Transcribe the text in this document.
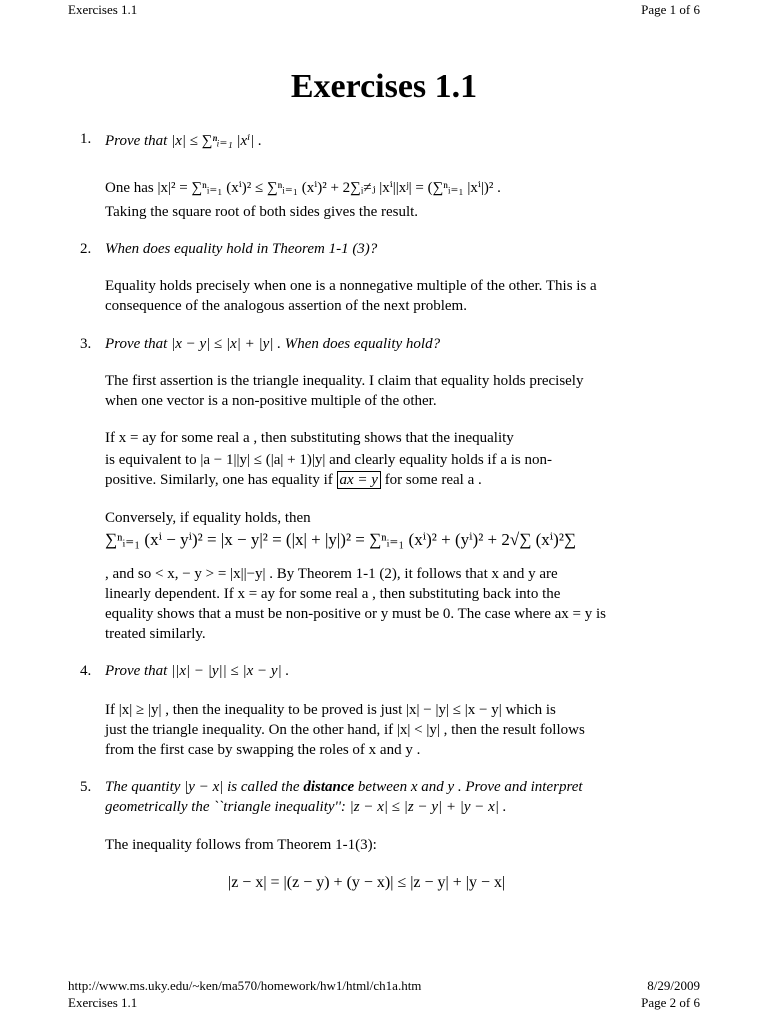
Exercises 1.1	Page 1 of 6
Exercises 1.1
1. Prove that |x| ≤ ∑ⁿᵢ₌₁ |xⁱ| .
One has |x|² = ∑ⁿᵢ₌₁ (xⁱ)² ≤ ∑ⁿᵢ₌₁ (xⁱ)² + 2∑ᵢ≠ⱼ |xⁱ||xʲ| = (∑ⁿᵢ₌₁ |xⁱ|)² .
Taking the square root of both sides gives the result.
2. When does equality hold in Theorem 1-1 (3)?
Equality holds precisely when one is a nonnegative multiple of the other. This is a
consequence of the analogous assertion of the next problem.
3. Prove that |x − y| ≤ |x| + |y| . When does equality hold?
The first assertion is the triangle inequality. I claim that equality holds precisely
when one vector is a non-positive multiple of the other.
If x = ay for some real a , then substituting shows that the inequality
is equivalent to |a − 1||y| ≤ (|a| + 1)|y| and clearly equality holds if a is non-
positive. Similarly, one has equality if ax = y for some real a .
Conversely, if equality holds, then
∑ⁿᵢ₌₁ (xⁱ − yⁱ)² = |x − y|² = (|x| + |y|)² = ∑ⁿᵢ₌₁ (xⁱ)² + (yⁱ)² + 2√∑ (xⁱ)²∑
, and so < x, − y > = |x||−y| . By Theorem 1-1 (2), it follows that x and y are
linearly dependent. If x = ay for some real a , then substituting back into the
equality shows that a must be non-positive or y must be 0. The case where ax = y is
treated similarly.
4. Prove that ||x| − |y|| ≤ |x − y| .
If |x| ≥ |y| , then the inequality to be proved is just |x| − |y| ≤ |x − y| which is
just the triangle inequality. On the other hand, if |x| < |y| , then the result follows
from the first case by swapping the roles of x and y .
5. The quantity |y − x| is called the distance between x and y . Prove and interpret
geometrically the ``triangle inequality'': |z − x| ≤ |z − y| + |y − x| .
The inequality follows from Theorem 1-1(3):
|z − x| = |(z − y) + (y − x)| ≤ |z − y| + |y − x|
http://www.ms.uky.edu/~ken/ma570/homework/hw1/html/ch1a.htm	8/29/2009
Exercises 1.1	Page 2 of 6
